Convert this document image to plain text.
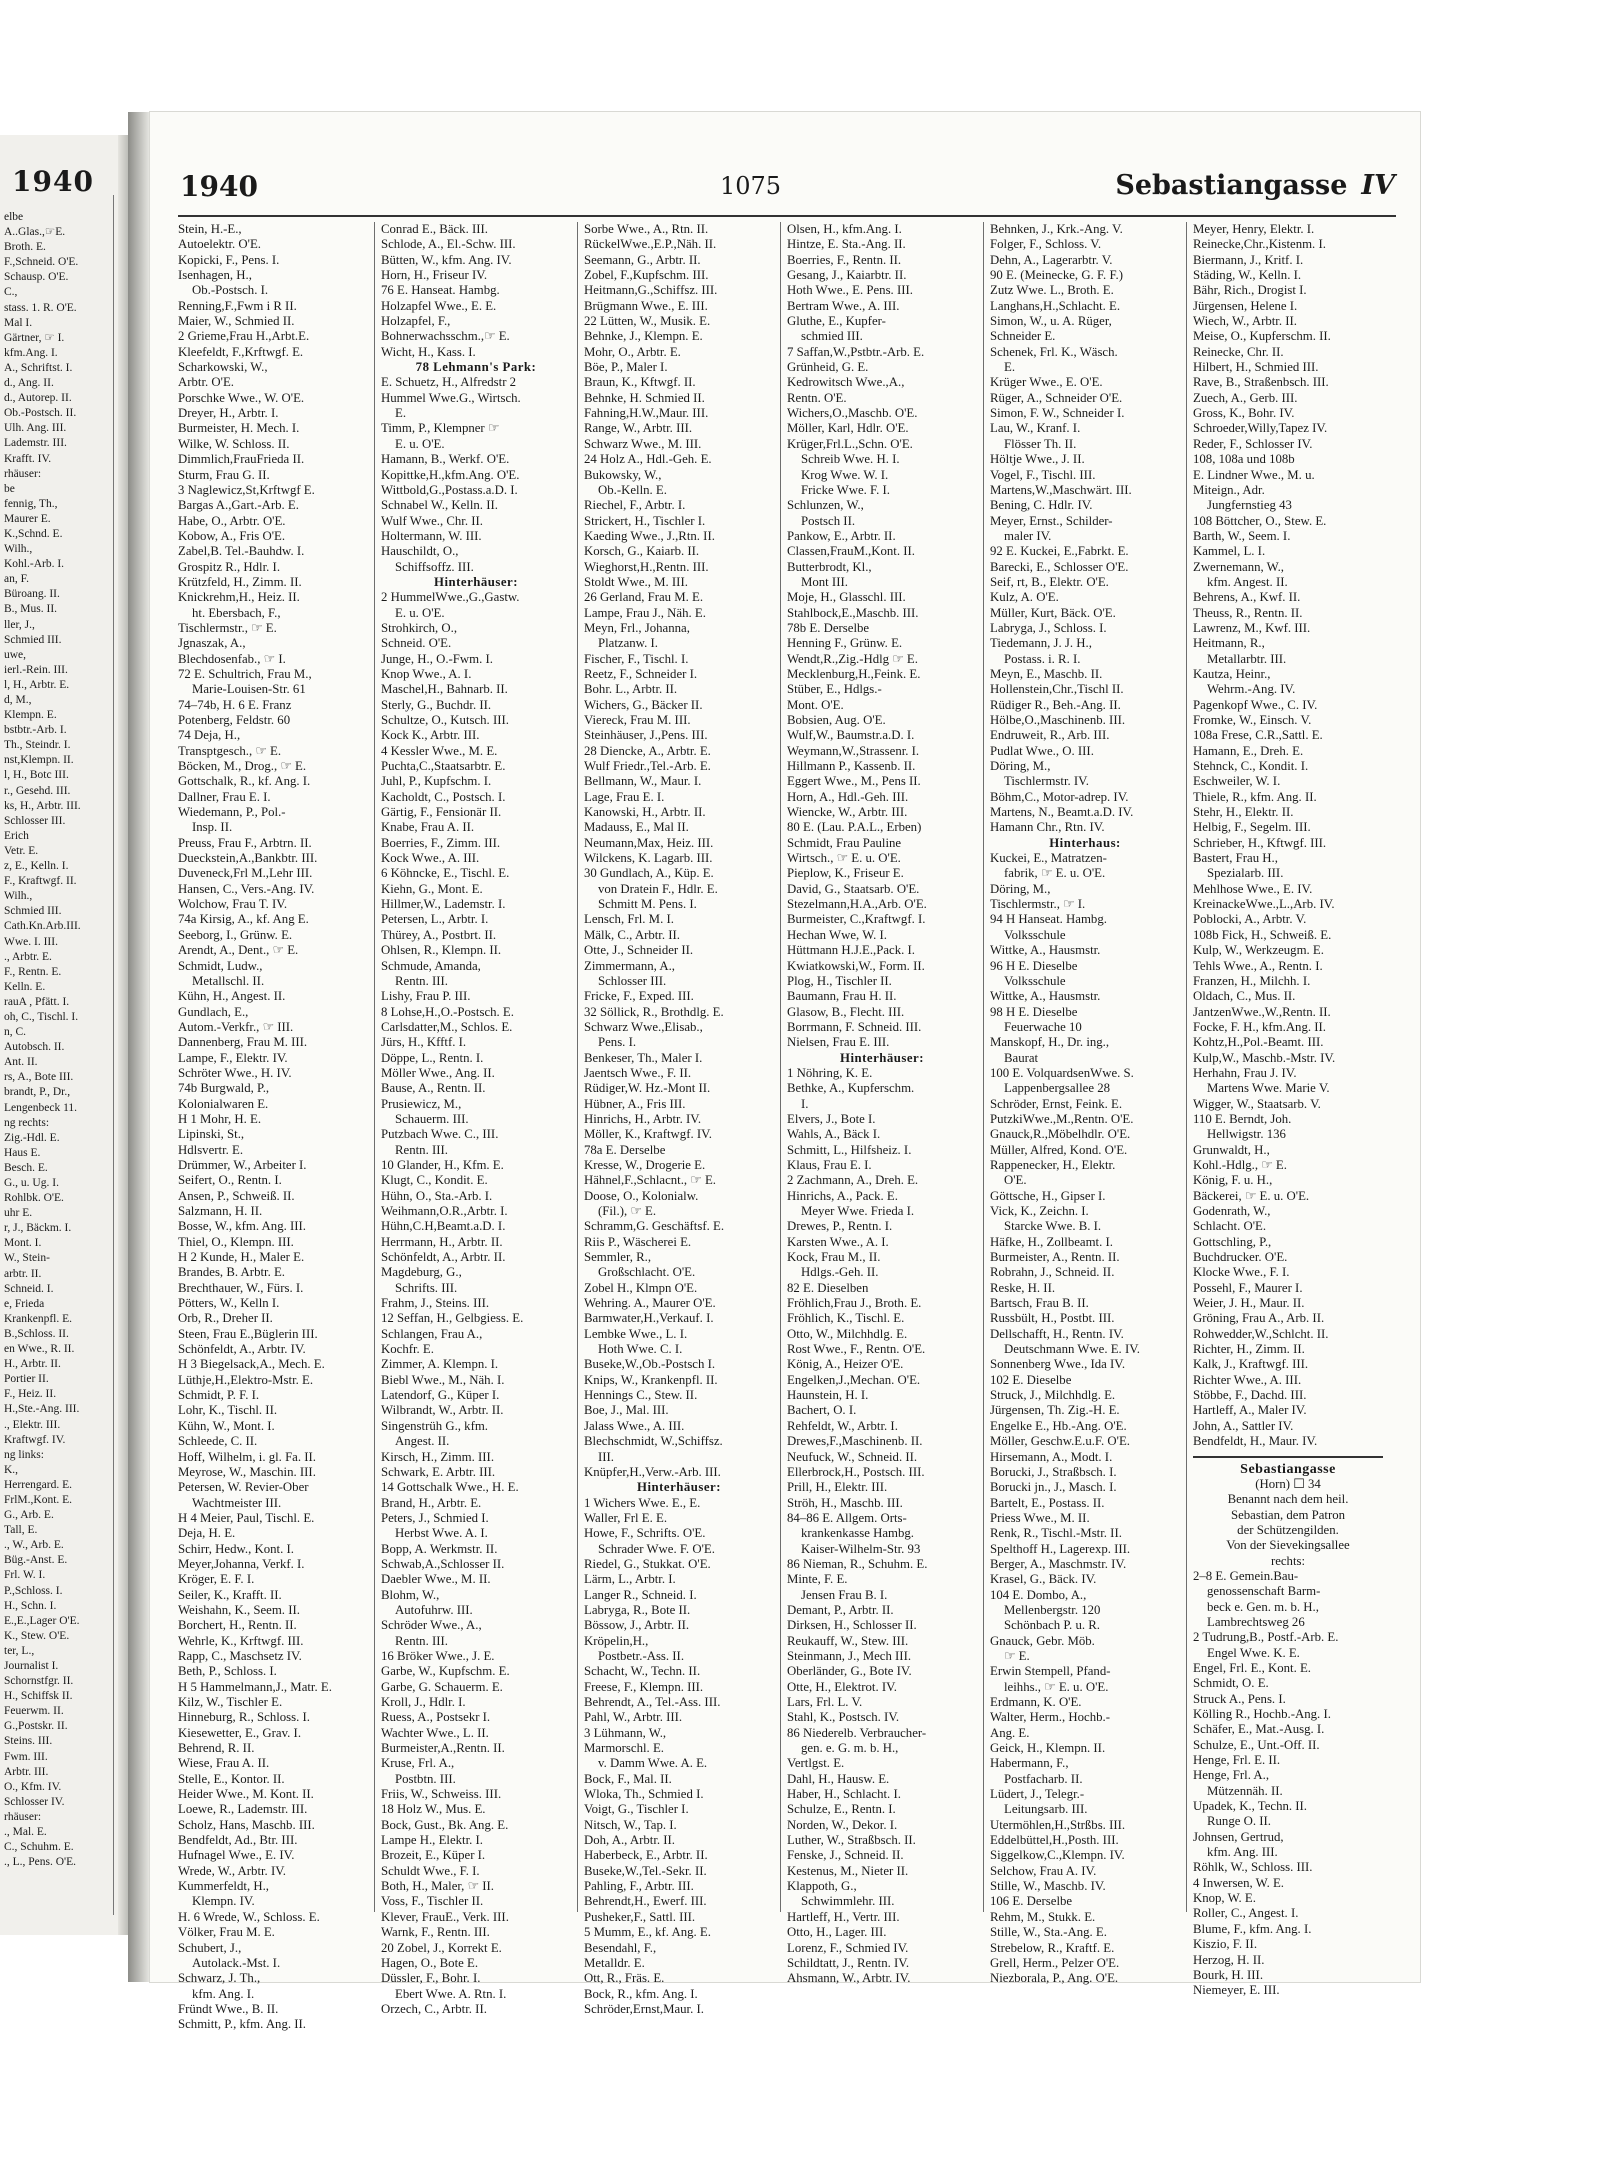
1940
elbe
A..Glas.,☞E.
Broth. E.
F.,Schneid. O'E.
Schausp. O'E.
C.,
stass. 1. R. O'E.
Mal I.
Gärtner, ☞ I.
kfm.Ang. I.
A., Schriftst. I.
d., Ang. II.
d., Autorep. II.
Ob.-Postsch. II.
Ulh. Ang. III.
Lademstr. III.
Krafft. IV.
rhäuser:
be
fennig, Th.,
Maurer E.
K.,Schnd. E.
Wilh.,
Kohl.-Arb. I.
an, F.
Büroang. II.
B., Mus. II.
ller, J.,
Schmied III.
uwe,
ierl.-Rein. III.
l, H., Arbtr. E.
d, M.,
Klempn. E.
bstbtr.-Arb. I.
Th., Steindr. I.
nst,Klempn. II.
l, H., Botc III.
r., Gesehd. III.
ks, H., Arbtr. III.
Schlosser III.
Erich
Vetr. E.
z, E., Kelln. I.
F., Kraftwgf. II.
Wilh.,
Schmied III.
Cath.Kn.Arb.III.
Wwe. I. III.
., Arbtr. E.
F., Rentn. E.
Kelln. E.
rauA , Pfätt. I.
oh, C., Tischl. I.
n, C.
Autobsch. II.
Ant. II.
rs, A., Bote III.
brandt, P., Dr.,
Lengenbeck 11.
ng rechts:
Zig.-Hdl. E.
Haus E.
Besch. E.
G., u. Ug. I.
Rohlbk. O'E.
uhr E.
r, J., Bäckm. I.
Mont. I.
W., Stein-
arbtr. II.
Schneid. I.
e, Frieda
Krankenpfl. E.
B.,Schloss. II.
en Wwe., R. II.
H., Arbtr. II.
Portier II.
F., Heiz. II.
H.,Ste.-Ang. III.
., Elektr. III.
Kraftwgf. IV.
ng links:
K.,
Herrengard. E.
FrlM.,Kont. E.
G., Arb. E.
Tall, E.
., W., Arb. E.
Büg.-Anst. E.
Frl. W. I.
P.,Schloss. I.
H., Schn. I.
E.,E.,Lager O'E.
K., Stew. O'E.
ter, L.,
Journalist I.
Schornstfgr. II.
H., Schiffsk II.
Feuerwm. II.
G.,Postskr. II.
Steins. III.
Fwm. III.
Arbtr. III.
O., Kfm. IV.
Schlosser IV.
rhäuser:
., Mal. E.
C., Schuhm. E.
., L., Pens. O'E.
1940	1075	Sebastiangasse IV
Stein, H.-E.,
Autoelektr. O'E.
Kopicki, F., Pens. I.
Isenhagen, H.,
Ob.-Postsch. I.
Renning,F.,Fwm i R II.
Maier, W., Schmied II.
2 Grieme,Frau H.,Arbt.E.
Kleefeldt, F.,Krftwgf. E.
Scharkowski, W.,
Arbtr. O'E.
Porschke Wwe., W. O'E.
Dreyer, H., Arbtr. I.
Burmeister, H. Mech. I.
Wilke, W. Schloss. II.
Dimmlich,FrauFrieda II.
Sturm, Frau G. II.
3 Naglewicz,St,Krftwgf E.
Bargas A.,Gart.-Arb. E.
Habe, O., Arbtr. O'E.
Kobow, A., Fris O'E.
Zabel,B. Tel.-Bauhdw. I.
Grospitz R., Hdlr. I.
Krützfeld, H., Zimm. II.
Knickrehm,H., Heiz. II.
ht. Ebersbach, F.,
Tischlermstr., ☞ E.
Jgnaszak, A.,
Blechdosenfab., ☞ I.
72 E. Schultrich, Frau M.,
Marie-Louisen-Str. 61
74–74b, H. 6 E. Franz
Potenberg, Feldstr. 60
74 Deja, H.,
Transptgesch., ☞ E.
Böcken, M., Drog., ☞ E.
Gottschalk, R., kf. Ang. I.
Dallner, Frau E. I.
Wiedemann, P., Pol.-
Insp. II.
Preuss, Frau F., Arbtrn. II.
Dueckstein,A.,Bankbtr. III.
Duveneck,Frl M.,Lehr III.
Hansen, C., Vers.-Ang. IV.
Wolchow, Frau T. IV.
74a Kirsig, A., kf. Ang E.
Seeborg, I., Grünw. E.
Arendt, A., Dent., ☞ E.
Schmidt, Ludw.,
Metallschl. II.
Kühn, H., Angest. II.
Gundlach, E.,
Autom.-Verkfr., ☞ III.
Dannenberg, Frau M. III.
Lampe, F., Elektr. IV.
Schröter Wwe., H. IV.
74b Burgwald, P.,
Kolonialwaren E.
H 1 Mohr, H. E.
Lipinski, St.,
Hdlsvertr. E.
Drümmer, W., Arbeiter I.
Seifert, O., Rentn. I.
Ansen, P., Schweiß. II.
Salzmann, H. II.
Bosse, W., kfm. Ang. III.
Thiel, O., Klempn. III.
H 2 Kunde, H., Maler E.
Brandes, B. Arbtr. E.
Brechthauer, W., Fürs. I.
Pötters, W., Kelln I.
Orb, R., Dreher II.
Steen, Frau E.,Büglerin III.
Schönfeldt, A., Arbtr. IV.
H 3 Biegelsack,A., Mech. E.
Lüthje,H.,Elektro-Mstr. E.
Schmidt, P. F. I.
Lohr, K., Tischl. II.
Kühn, W., Mont. I.
Schleede, C. II.
Hoff, Wilhelm, i. gl. Fa. II.
Meyrose, W., Maschin. III.
Petersen, W. Revier-Ober
Wachtmeister III.
H 4 Meier, Paul, Tischl. E.
Deja, H. E.
Schirr, Hedw., Kont. I.
Meyer,Johanna, Verkf. I.
Kröger, E. F. I.
Seiler, K., Krafft. II.
Weishahn, K., Seem. II.
Borchert, H., Rentn. II.
Wehrle, K., Krftwgf. III.
Rapp, C., Maschsetz IV.
Beth, P., Schloss. I.
H 5 Hammelmann,J., Matr. E.
Kilz, W., Tischler E.
Hinneburg, R., Schloss. I.
Kiesewetter, E., Grav. I.
Behrend, R. II.
Wiese, Frau A. II.
Stelle, E., Kontor. II.
Heider Wwe., M. Kont. II.
Loewe, R., Lademstr. III.
Scholz, Hans, Maschb. III.
Bendfeldt, Ad., Btr. III.
Hufnagel Wwe., E. IV.
Wrede, W., Arbtr. IV.
Kummerfeldt, H.,
Klempn. IV.
H. 6 Wrede, W., Schloss. E.
Völker, Frau M. E.
Schubert, J.,
Autolack.-Mst. I.
Schwarz, J. Th.,
kfm. Ang. I.
Fründt Wwe., B. II.
Schmitt, P., kfm. Ang. II.
Conrad E., Bäck. III.
Schlode, A., El.-Schw. III.
Bütten, W., kfm. Ang. IV.
Horn, H., Friseur IV.
76 E. Hanseat. Hambg.
Holzapfel Wwe., E. E.
Holzapfel, F.,
Bohnerwachsschm.,☞ E.
Wicht, H., Kass. I.
78 Lehmann's Park:
E. Schuetz, H., Alfredstr 2
Hummel Wwe.G., Wirtsch.
E.
Timm, P., Klempner ☞
E. u. O'E.
Hamann, B., Werkf. O'E.
Kopittke,H.,kfm.Ang. O'E.
Wittbold,G.,Postass.a.D. I.
Schnabel W., Kelln. II.
Wulf Wwe., Chr. II.
Holtermann, W. III.
Hauschildt, O.,
Schiffsoffz. III.
Hinterhäuser:
2 HummelWwe.,G.,Gastw.
E. u. O'E.
Strohkirch, O.,
Schneid. O'E.
Junge, H., O.-Fwm. I.
Knop Wwe., A. I.
Maschel,H., Bahnarb. II.
Sterly, G., Buchdr. II.
Schultze, O., Kutsch. III.
Kock K., Arbtr. III.
4 Kessler Wwe., M. E.
Puchta,C.,Staatsarbtr. E.
Juhl, P., Kupfschm. I.
Kacholdt, C., Postsch. I.
Gärtig, F., Fensionär II.
Knabe, Frau A. II.
Boerries, F., Zimm. III.
Kock Wwe., A. III.
6 Köhncke, E., Tischl. E.
Kiehn, G., Mont. E.
Hillmer,W., Lademstr. I.
Petersen, L., Arbtr. I.
Thürey, A., Postbrt. II.
Ohlsen, R., Klempn. II.
Schmude, Amanda,
Rentn. III.
Lishy, Frau P. III.
8 Lohse,H.,O.-Postsch. E.
Carlsdatter,M., Schlos. E.
Jürs, H., Kfftf. I.
Döppe, L., Rentn. I.
Möller Wwe., Ang. II.
Bause, A., Rentn. II.
Prusiewicz, M.,
Schauerm. III.
Putzbach Wwe. C., III.
Rentn. III.
10 Glander, H., Kfm. E.
Klugt, C., Kondit. E.
Hühn, O., Sta.-Arb. I.
Weihmann,O.R.,Arbtr. I.
Hühn,C.H,Beamt.a.D. I.
Herrmann, H., Arbtr. II.
Schönfeldt, A., Arbtr. II.
Magdeburg, G.,
Schrifts. III.
Frahm, J., Steins. III.
12 Seffan, H., Gelbgiess. E.
Schlangen, Frau A.,
Kochfr. E.
Zimmer, A. Klempn. I.
Biebl Wwe., M., Näh. I.
Latendorf, G., Küper I.
Wilbrandt, W., Arbtr. II.
Singenstrüh G., kfm.
Angest. II.
Kirsch, H., Zimm. III.
Schwark, E. Arbtr. III.
14 Gottschalk Wwe., H. E.
Brand, H., Arbtr. E.
Peters, J., Schmied I.
Herbst Wwe. A. I.
Bopp, A. Werkmstr. II.
Schwab,A.,Schlosser II.
Daebler Wwe., M. II.
Blohm, W.,
Autofuhrw. III.
Schröder Wwe., A.,
Rentn. III.
16 Bröker Wwe., J. E.
Garbe, W., Kupfschm. E.
Garbe, G. Schauerm. E.
Kroll, J., Hdlr. I.
Ruess, A., Postsekr I.
Wachter Wwe., L. II.
Burmeister,A.,Rentn. II.
Kruse, Frl. A.,
Postbtn. III.
Friis, W., Schweiss. III.
18 Holz W., Mus. E.
Bock, Gust., Bk. Ang. E.
Lampe H., Elektr. I.
Brozeit, E., Küper I.
Schuldt Wwe., F. I.
Both, H., Maler, ☞ II.
Voss, F., Tischler II.
Klever, FrauE., Verk. III.
Warnk, F., Rentn. III.
20 Zobel, J., Korrekt E.
Hagen, O., Bote E.
Düssler, F., Bohr. I.
Ebert Wwe. A. Rtn. I.
Orzech, C., Arbtr. II.
Sorbe Wwe., A., Rtn. II.
RückelWwe.,E.P.,Näh. II.
Seemann, G., Arbtr. II.
Zobel, F.,Kupfschm. III.
Heitmann,G.,Schiffsz. III.
Brügmann Wwe., E. III.
22 Lütten, W., Musik. E.
Behnke, J., Klempn. E.
Mohr, O., Arbtr. E.
Böe, P., Maler I.
Braun, K., Kftwgf. II.
Behnke, H. Schmied II.
Fahning,H.W.,Maur. III.
Range, W., Arbtr. III.
Schwarz Wwe., M. III.
24 Holz A., Hdl.-Geh. E.
Bukowsky, W.,
Ob.-Kelln. E.
Riechel, F., Arbtr. I.
Strickert, H., Tischler I.
Kaeding Wwe., J.,Rtn. II.
Korsch, G., Kaiarb. II.
Wieghorst,H.,Rentn. III.
Stoldt Wwe., M. III.
26 Gerland, Frau M. E.
Lampe, Frau J., Näh. E.
Meyn, Frl., Johanna,
Platzanw. I.
Fischer, F., Tischl. I.
Reetz, F., Schneider I.
Bohr. L., Arbtr. II.
Wichers, G., Bäcker II.
Viereck, Frau M. III.
Steinhäuser, J.,Pens. III.
28 Diencke, A., Arbtr. E.
Wulf Friedr.,Tel.-Arb. E.
Bellmann, W., Maur. I.
Lage, Frau E. I.
Kanowski, H., Arbtr. II.
Madauss, E., Mal II.
Neumann,Max, Heiz. III.
Wilckens, K. Lagarb. III.
30 Gundlach, A., Küp. E.
von Dratein F., Hdlr. E.
Schmitt M. Pens. I.
Lensch, Frl. M. I.
Mälk, C., Arbtr. II.
Otte, J., Schneider II.
Zimmermann, A.,
Schlosser III.
Fricke, F., Exped. III.
32 Söllick, R., Brothdlg. E.
Schwarz Wwe.,Elisab.,
Pens. I.
Benkeser, Th., Maler I.
Jaentsch Wwe., F. II.
Rüdiger,W. Hz.-Mont II.
Hübner, A., Fris III.
Hinrichs, H., Arbtr. IV.
Möller, K., Kraftwgf. IV.
78a E. Derselbe
Kresse, W., Drogerie E.
Hähnel,F.,Schlacnt., ☞ E.
Doose, O., Kolonialw.
(Fil.), ☞ E.
Schramm,G. Geschäftsf. E.
Riis P., Wäscherei E.
Semmler, R.,
Großschlacht. O'E.
Zobel H., Klmpn O'E.
Wehring. A., Maurer O'E.
Barmwater,H.,Verkauf. I.
Lembke Wwe., L. I.
Hoth Wwe. C. I.
Buseke,W.,Ob.-Postsch I.
Knips, W., Krankenpfl. II.
Hennings C., Stew. II.
Boe, J., Mal. III.
Jalass Wwe., A. III.
Blechschmidt, W.,Schiffsz.
III.
Knüpfer,H.,Verw.-Arb. III.
Hinterhäuser:
1 Wichers Wwe. E., E.
Waller, Frl E. E.
Howe, F., Schrifts. O'E.
Schrader Wwe. F. O'E.
Riedel, G., Stukkat. O'E.
Lärm, L., Arbtr. I.
Langer R., Schneid. I.
Labryga, R., Bote II.
Bössow, J., Arbtr. II.
Kröpelin,H.,
Postbetr.-Ass. II.
Schacht, W., Techn. II.
Freese, F., Klempn. III.
Behrendt, A., Tel.-Ass. III.
Pahl, W., Arbtr. III.
3 Lühmann, W.,
Marmorschl. E.
v. Damm Wwe. A. E.
Bock, F., Mal. II.
Wloka, Th., Schmied I.
Voigt, G., Tischler I.
Nitsch, W., Tap. I.
Doh, A., Arbtr. II.
Haberbeck, E., Arbtr. II.
Buseke,W.,Tel.-Sekr. II.
Pahling, F., Arbtr. III.
Behrendt,H., Ewerf. III.
Pusheker,F., Sattl. III.
5 Mumm, E., kf. Ang. E.
Besendahl, F.,
Metalldr. E.
Ott, R., Fräs. E.
Bock, R., kfm. Ang. I.
Schröder,Ernst,Maur. I.
Olsen, H., kfm.Ang. I.
Hintze, E. Sta.-Ang. II.
Boerries, F., Rentn. II.
Gesang, J., Kaiarbtr. II.
Hoth Wwe., E. Pens. III.
Bertram Wwe., A. III.
Gluthe, E., Kupfer-
schmied III.
7 Saffan,W.,Pstbtr.-Arb. E.
Grünheid, G. E.
Kedrowitsch Wwe.,A.,
Rentn. O'E.
Wichers,O.,Maschb. O'E.
Möller, Karl, Hdlr. O'E.
Krüger,Frl.L.,Schn. O'E.
Schreib Wwe. H. I.
Krog Wwe. W. I.
Fricke Wwe. F. I.
Schlunzen, W.,
Postsch II.
Pankow, E., Arbtr. II.
Classen,FrauM.,Kont. II.
Butterbrodt, Kl.,
Mont III.
Moje, H., Glasschl. III.
Stahlbock,E.,Maschb. III.
78b E. Derselbe
Henning F., Grünw. E.
Wendt,R.,Zig.-Hdlg ☞ E.
Mecklenburg,H.,Feink. E.
Stüber, E., Hdlgs.-
Mont. O'E.
Bobsien, Aug. O'E.
Wulf,W., Baumstr.a.D. I.
Weymann,W.,Strassenr. I.
Hillmann P., Kassenb. II.
Eggert Wwe., M., Pens II.
Horn, A., Hdl.-Geh. III.
Wiencke, W., Arbtr. III.
80 E. (Lau. P.A.L., Erben)
Schmidt, Frau Pauline
Wirtsch., ☞ E. u. O'E.
Pieplow, K., Friseur E.
David, G., Staatsarb. O'E.
Stezelmann,H.A.,Arb. O'E.
Burmeister, C.,Kraftwgf. I.
Hechan Wwe, W. I.
Hüttmann H.J.E.,Pack. I.
Kwiatkowski,W., Form. II.
Plog, H., Tischler II.
Baumann, Frau H. II.
Glasow, B., Flecht. III.
Borrmann, F. Schneid. III.
Nielsen, Frau E. III.
Hinterhäuser:
1 Nöhring, K. E.
Bethke, A., Kupferschm.
I.
Elvers, J., Bote I.
Wahls, A., Bäck I.
Schmitt, L., Hilfsheiz. I.
Klaus, Frau E. I.
2 Zachmann, A., Dreh. E.
Hinrichs, A., Pack. E.
Meyer Wwe. Frieda I.
Drewes, P., Rentn. I.
Karsten Wwe., A. I.
Kock, Frau M., II.
Hdlgs.-Geh. II.
82 E. Dieselben
Fröhlich,Frau J., Broth. E.
Fröhlich, K., Tischl. E.
Otto, W., Milchhdlg. E.
Rost Wwe., F., Rentn. O'E.
König, A., Heizer O'E.
Engelken,J.,Mechan. O'E.
Haunstein, H. I.
Bachert, O. I.
Rehfeldt, W., Arbtr. I.
Drewes,F.,Maschinenb. II.
Neufuck, W., Schneid. II.
Ellerbrock,H., Postsch. III.
Prill, H., Elektr. III.
Ströh, H., Maschb. III.
84–86 E. Allgem. Orts-
krankenkasse Hambg.
Kaiser-Wilhelm-Str. 93
86 Nieman, R., Schuhm. E.
Minte, F. E.
Jensen Frau B. I.
Demant, P., Arbtr. II.
Dirksen, H., Schlosser II.
Reukauff, W., Stew. III.
Steinmann, J., Mech III.
Oberländer, G., Bote IV.
Otte, H., Elektrot. IV.
Lars, Frl. L. V.
Stahl, K., Postsch. IV.
86 Niederelb. Verbraucher-
gen. e. G. m. b. H.,
Vertlgst. E.
Dahl, H., Hausw. E.
Haber, H., Schlacht. I.
Schulze, E., Rentn. I.
Norden, W., Dekor. I.
Luther, W., Straßbsch. II.
Fenske, J., Schneid. II.
Kestenus, M., Nieter II.
Klappoth, G.,
Schwimmlehr. III.
Hartleff, H., Vertr. III.
Otto, H., Lager. III.
Lorenz, F., Schmied IV.
Schildtatt, J., Rentn. IV.
Ahsmann, W., Arbtr. IV.
Behnken, J., Krk.-Ang. V.
Folger, F., Schloss. V.
Dehn, A., Lagerarbtr. V.
90 E. (Meinecke, G. F. F.)
Zutz Wwe. L., Broth. E.
Langhans,H.,Schlacht. E.
Simon, W., u. A. Rüger,
Schneider E.
Schenek, Frl. K., Wäsch.
E.
Krüger Wwe., E. O'E.
Rüger, A., Schneider O'E.
Simon, F. W., Schneider I.
Lau, W., Kranf. I.
Flösser Th. II.
Höltje Wwe., J. II.
Vogel, F., Tischl. III.
Martens,W.,Maschwärt. III.
Bening, C. Hdlr. IV.
Meyer, Ernst., Schilder-
maler IV.
92 E. Kuckei, E.,Fabrkt. E.
Barecki, E., Schlosser O'E.
Seif, rt, B., Elektr. O'E.
Kulz, A. O'E.
Müller, Kurt, Bäck. O'E.
Labryga, J., Schloss. I.
Tiedemann, J. J. H.,
Postass. i. R. I.
Meyn, E., Maschb. II.
Hollenstein,Chr.,Tischl II.
Rüdiger R., Beh.-Ang. II.
Hölbe,O.,Maschinenb. III.
Endruweit, R., Arb. III.
Pudlat Wwe., O. III.
Döring, M.,
Tischlermstr. IV.
Böhm,C., Motor-adrep. IV.
Martens, N., Beamt.a.D. IV.
Hamann Chr., Rtn. IV.
Hinterhaus:
Kuckei, E., Matratzen-
fabrik, ☞ E. u. O'E.
Döring, M.,
Tischlermstr., ☞ I.
94 H Hanseat. Hambg.
Volksschule
Wittke, A., Hausmstr.
96 H E. Dieselbe
Volksschule
Wittke, A., Hausmstr.
98 H E. Dieselbe
Feuerwache 10
Manskopf, H., Dr. ing.,
Baurat
100 E. VolquardsenWwe. S.
Lappenbergsallee 28
Schröder, Ernst, Feink. E.
PutzkiWwe.,M.,Rentn. O'E.
Gnauck,R.,Möbelhdlr. O'E.
Müller, Alfred, Kond. O'E.
Rappenecker, H., Elektr.
O'E.
Göttsche, H., Gipser I.
Vick, K., Zeichn. I.
Starcke Wwe. B. I.
Häfke, H., Zollbeamt. I.
Burmeister, A., Rentn. II.
Robrahn, J., Schneid. II.
Reske, H. II.
Bartsch, Frau B. II.
Russbült, H., Postbt. III.
Dellschafft, H., Rentn. IV.
Deutschmann Wwe. E. IV.
Sonnenberg Wwe., Ida IV.
102 E. Dieselbe
Struck, J., Milchhdlg. E.
Jürgensen, Th. Zig.-H. E.
Engelke E., Hb.-Ang. O'E.
Möller, Geschw.E.u.F. O'E.
Hirsemann, A., Modt. I.
Borucki, J., Straßbsch. I.
Borucki jn., J., Masch. I.
Bartelt, E., Postass. II.
Priess Wwe., M. II.
Renk, R., Tischl.-Mstr. II.
Spelthoff H., Lagerexp. III.
Berger, A., Maschmstr. IV.
Krasel, G., Bäck. IV.
104 E. Dombo, A.,
Mellenbergstr. 120
Schönbach P. u. R.
Gnauck, Gebr. Möb.
☞ E.
Erwin Stempell, Pfand-
leihhs., ☞ E. u. O'E.
Erdmann, K. O'E.
Walter, Herm., Hochb.-
Ang. E.
Geick, H., Klempn. II.
Habermann, F.,
Postfacharb. II.
Lüdert, J., Telegr.-
Leitungsarb. III.
Utermöhlen,H.,Strßbs. III.
Eddelbüttel,H.,Posth. III.
Siggelkow,C.,Klempn. IV.
Selchow, Frau A. IV.
Stille, W., Maschb. IV.
106 E. Derselbe
Rehm, M., Stukk. E.
Stille, W., Sta.-Ang. E.
Strebelow, R., Kraftf. E.
Grell, Herm., Pelzer O'E.
Niezborala, P., Ang. O'E.
Meyer, Henry, Elektr. I.
Reinecke,Chr.,Kistenm. I.
Biermann, J., Kritf. I.
Städing, W., Kelln. I.
Bähr, Rich., Drogist I.
Jürgensen, Helene I.
Wiech, W., Arbtr. II.
Meise, O., Kupferschm. II.
Reinecke, Chr. II.
Hilbert, H., Schmied III.
Rave, B., Straßenbsch. III.
Zuech, A., Gerb. III.
Gross, K., Bohr. IV.
Schroeder,Willy,Tapez IV.
Reder, F., Schlosser IV.
108, 108a und 108b
E. Lindner Wwe., M. u.
Miteign., Adr.
Jungfernstieg 43
108 Böttcher, O., Stew. E.
Barth, W., Seem. I.
Kammel, L. I.
Zwernemann, W.,
kfm. Angest. II.
Behrens, A., Kwf. II.
Theuss, R., Rentn. II.
Lawrenz, M., Kwf. III.
Heitmann, R.,
Metallarbtr. III.
Kautza, Heinr.,
Wehrm.-Ang. IV.
Pagenkopf Wwe., C. IV.
Fromke, W., Einsch. V.
108a Frese, C.R.,Sattl. E.
Hamann, E., Dreh. E.
Stehnck, C., Kondit. I.
Eschweiler, W. I.
Thiele, R., kfm. Ang. II.
Stehr, H., Elektr. II.
Helbig, F., Segelm. III.
Schrieber, H., Kftwgf. III.
Bastert, Frau H.,
Spezialarb. III.
Mehlhose Wwe., E. IV.
KreinackeWwe.,L.,Arb. IV.
Poblocki, A., Arbtr. V.
108b Fick, H., Schweiß. E.
Kulp, W., Werkzeugm. E.
Tehls Wwe., A., Rentn. I.
Franzen, H., Milchh. I.
Oldach, C., Mus. II.
JantzenWwe.,W.,Rentn. II.
Focke, F. H., kfm.Ang. II.
Kohtz,H.,Pol.-Beamt. III.
Kulp,W., Maschb.-Mstr. IV.
Herhahn, Frau J. IV.
Martens Wwe. Marie V.
Wigger, W., Staatsarb. V.
110 E. Berndt, Joh.
Hellwigstr. 136
Grunwaldt, H.,
Kohl.-Hdlg., ☞ E.
König, F. u. H.,
Bäckerei, ☞ E. u. O'E.
Godenrath, W.,
Schlacht. O'E.
Gottschling, P.,
Buchdrucker. O'E.
Klocke Wwe., F. I.
Possehl, F., Maurer I.
Weier, J. H., Maur. II.
Gröning, Frau A., Arb. II.
Rohwedder,W.,Schlcht. II.
Richter, H., Zimm. II.
Kalk, J., Kraftwgf. III.
Richter Wwe., A. III.
Stöbbe, F., Dachd. III.
Hartleff, A., Maler IV.
John, A., Sattler IV.
Bendfeldt, H., Maur. IV.
Sebastiangasse
(Horn) ☐ 34
Benannt nach dem heil.
Sebastian, dem Patron
der Schützengilden.
Von der Sievekingsallee
rechts:
2–8 E. Gemein.Bau-
genossenschaft Barm-
beck e. Gen. m. b. H.,
Lambrechtsweg 26
2 Tudrung,B., Postf.-Arb. E.
Engel Wwe. K. E.
Engel, Frl. E., Kont. E.
Schmidt, O. E.
Struck A., Pens. I.
Kölling R., Hochb.-Ang. I.
Schäfer, E., Mat.-Ausg. I.
Schulze, E., Unt.-Off. II.
Henge, Frl. E. II.
Henge, Frl. A.,
Mützennäh. II.
Upadek, K., Techn. II.
Runge O. II.
Johnsen, Gertrud,
kfm. Ang. III.
Röhlk, W., Schloss. III.
4 Inwersen, W. E.
Knop, W. E.
Roller, C., Angest. I.
Blume, F., kfm. Ang. I.
Kiszio, F. II.
Herzog, H. II.
Bourk, H. III.
Niemeyer, E. III.
